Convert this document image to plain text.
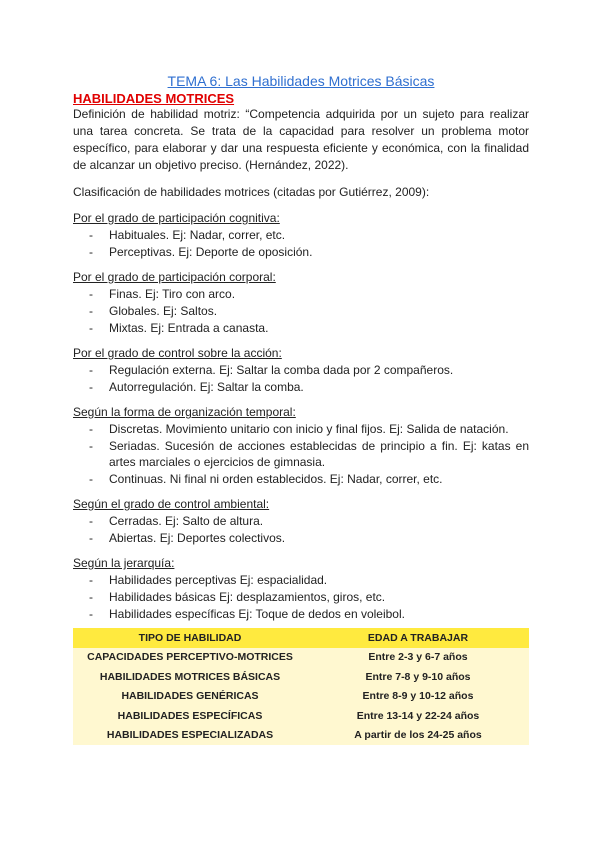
TEMA 6: Las Habilidades Motrices Básicas

HABILIDADES MOTRICES

Definición de habilidad motriz: “Competencia adquirida por un sujeto para realizar una tarea concreta. Se trata de la capacidad para resolver un problema motor específico, para elaborar y dar una respuesta eficiente y económica, con la finalidad de alcanzar un objetivo preciso. (Hernández, 2022).

Clasificación de habilidades motrices (citadas por Gutiérrez, 2009):

Por el grado de participación cognitiva:

- Habituales. Ej: Nadar, correr, etc.
- Perceptivas. Ej: Deporte de oposición.

Por el grado de participación corporal:

- Finas. Ej: Tiro con arco.
- Globales. Ej: Saltos.
- Mixtas. Ej: Entrada a canasta.

Por el grado de control sobre la acción:

- Regulación externa. Ej: Saltar la comba dada por 2 compañeros.
- Autorregulación. Ej: Saltar la comba.

Según la forma de organización temporal:

- Discretas. Movimiento unitario con inicio y final fijos. Ej: Salida de natación.
- Seriadas. Sucesión de acciones establecidas de principio a fin. Ej: katas en artes marciales o ejercicios de gimnasia.
- Continuas. Ni final ni orden establecidos. Ej: Nadar, correr, etc.

Según el grado de control ambiental:

- Cerradas. Ej: Salto de altura.
- Abiertas. Ej: Deportes colectivos.

Según la jerarquía:

- Habilidades perceptivas Ej: espacialidad.
- Habilidades básicas Ej: desplazamientos, giros, etc.
- Habilidades específicas Ej: Toque de dedos en voleibol.
TIPO DE HABILIDAD	EDAD A TRABAJAR
CAPACIDADES PERCEPTIVO-MOTRICES	Entre 2-3 y 6-7 años
HABILIDADES MOTRICES BÁSICAS	Entre 7-8 y 9-10 años
HABILIDADES GENÉRICAS	Entre 8-9 y 10-12 años
HABILIDADES ESPECÍFICAS	Entre 13-14 y 22-24 años
HABILIDADES ESPECIALIZADAS	A partir de los 24-25 años
